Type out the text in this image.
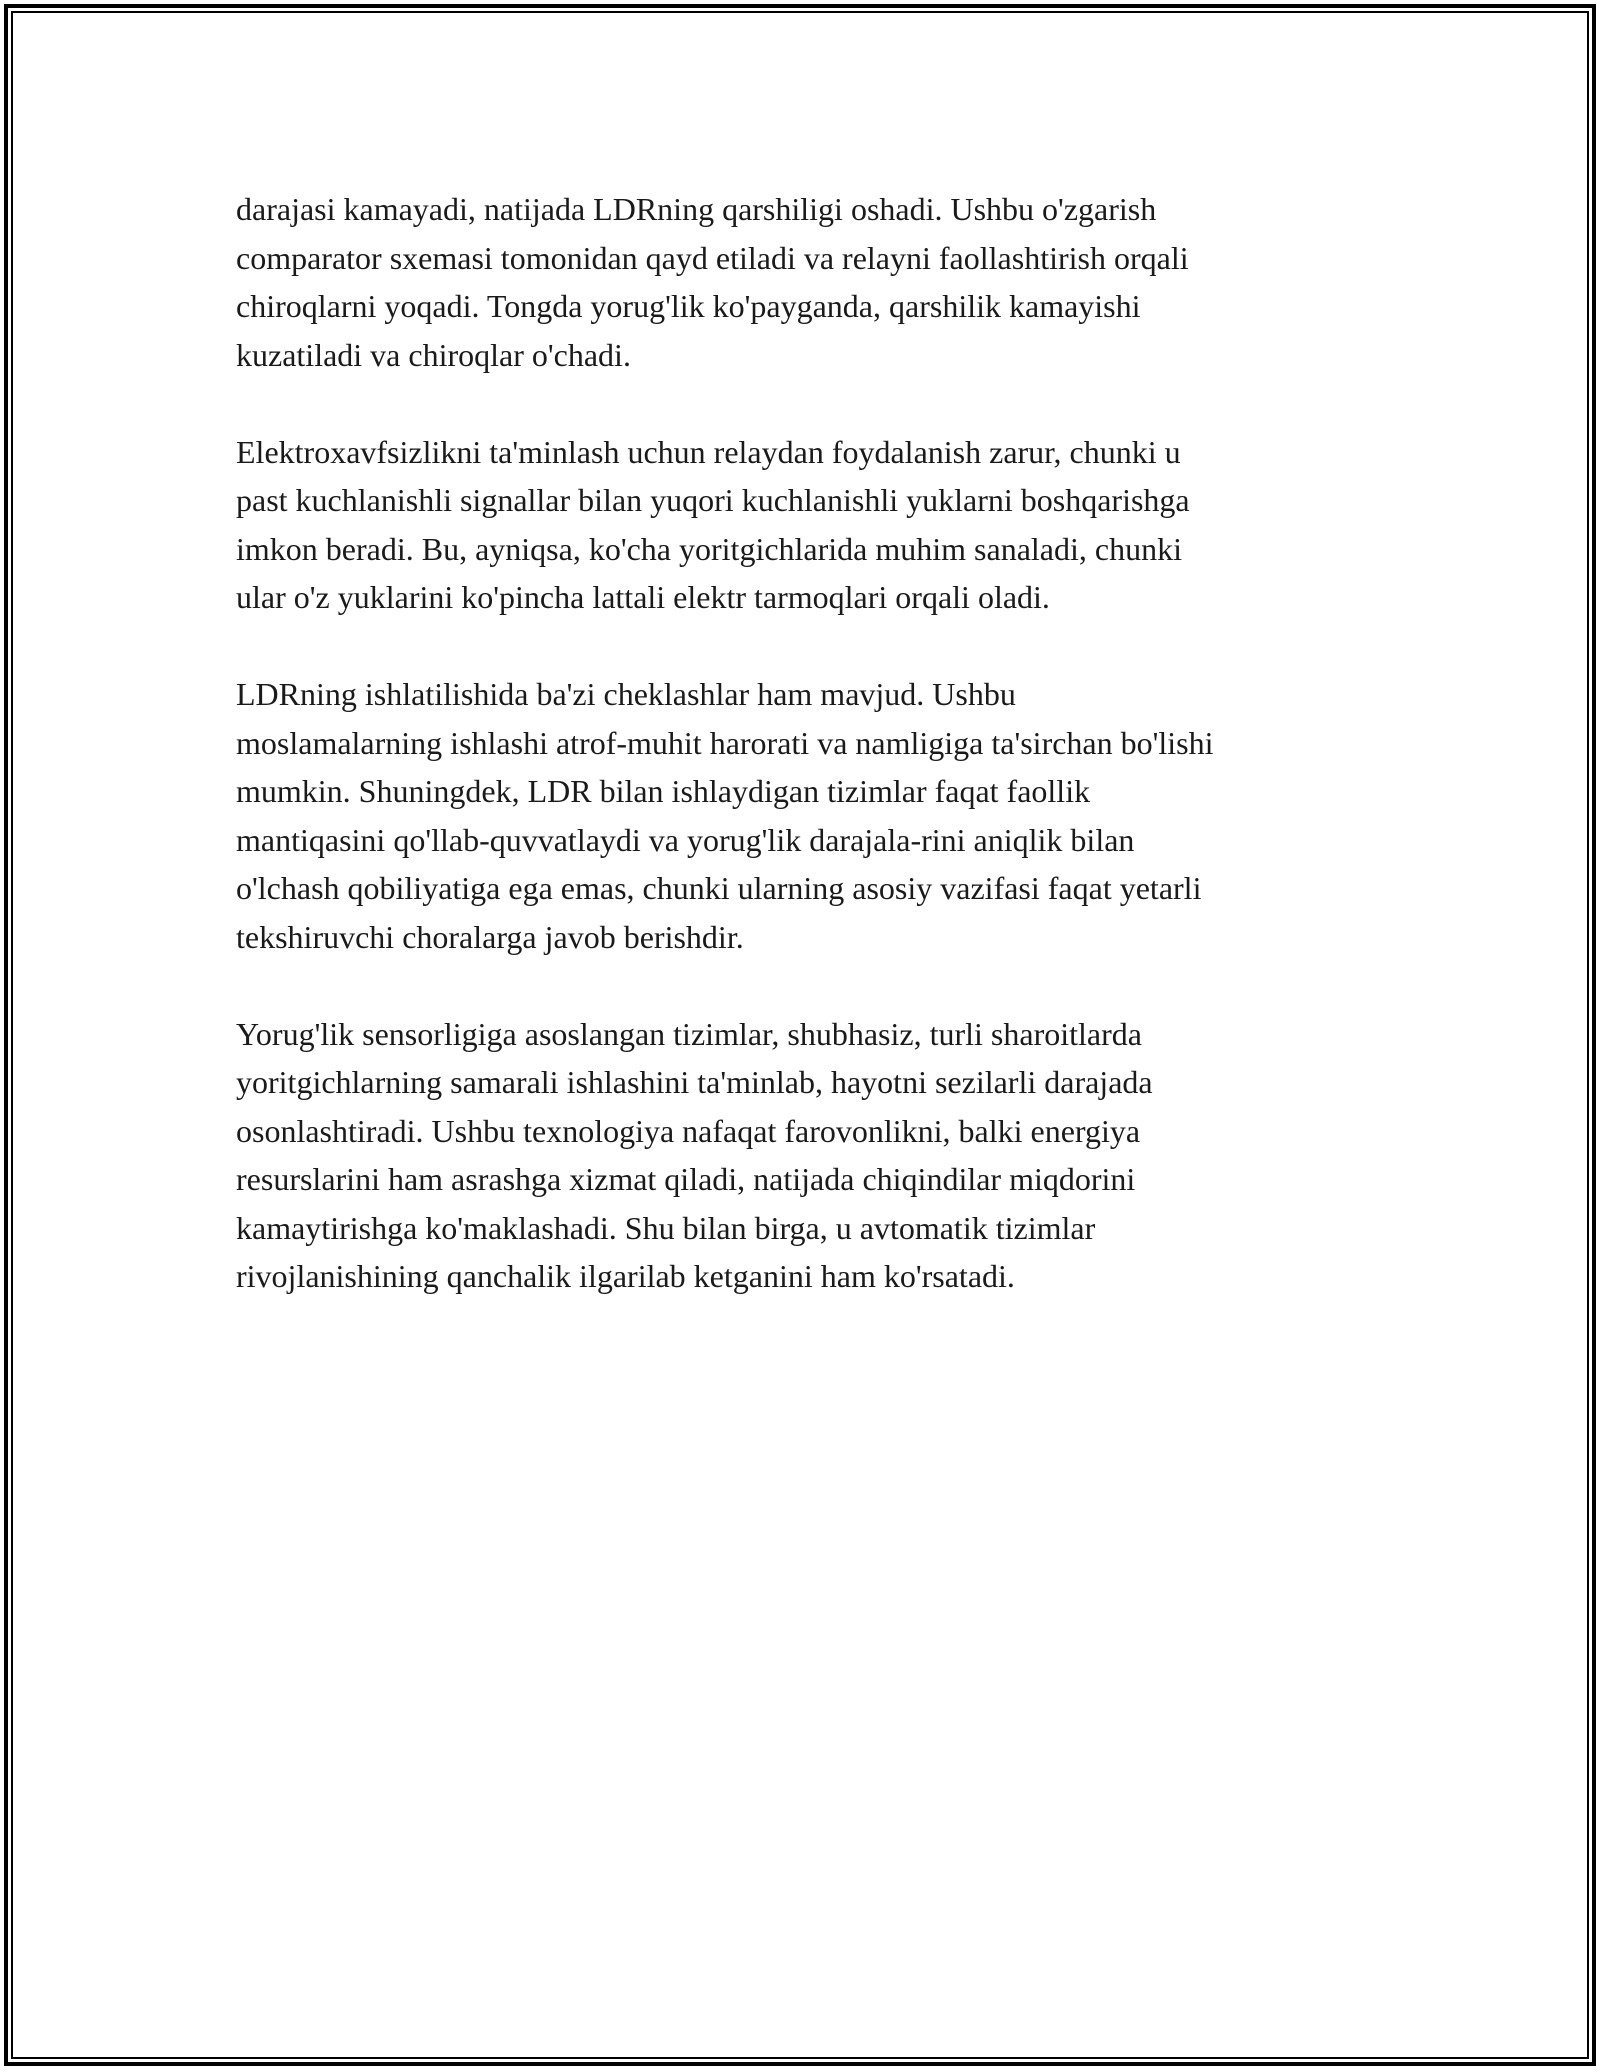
darajasi kamayadi, natijada LDRning qarshiligi oshadi. Ushbu o'zgarish
comparator sxemasi tomonidan qayd etiladi va relayni faollashtirish orqali
chiroqlarni yoqadi. Tongda yorug'lik ko'payganda, qarshilik kamayishi
kuzatiladi va chiroqlar o'chadi.

Elektroxavfsizlikni ta'minlash uchun relaydan foydalanish zarur, chunki u
past kuchlanishli signallar bilan yuqori kuchlanishli yuklarni boshqarishga
imkon beradi. Bu, ayniqsa, ko'cha yoritgichlarida muhim sanaladi, chunki
ular o'z yuklarini ko'pincha lattali elektr tarmoqlari orqali oladi.

LDRning ishlatilishida ba'zi cheklashlar ham mavjud. Ushbu
moslamalarning ishlashi atrof-muhit harorati va namligiga ta'sirchan bo'lishi
mumkin. Shuningdek, LDR bilan ishlaydigan tizimlar faqat faollik
mantiqasini qo'llab-quvvatlaydi va yorug'lik darajala-rini aniqlik bilan
o'lchash qobiliyatiga ega emas, chunki ularning asosiy vazifasi faqat yetarli
tekshiruvchi choralarga javob berishdir.

Yorug'lik sensorligiga asoslangan tizimlar, shubhasiz, turli sharoitlarda
yoritgichlarning samarali ishlashini ta'minlab, hayotni sezilarli darajada
osonlashtiradi. Ushbu texnologiya nafaqat farovonlikni, balki energiya
resurslarini ham asrashga xizmat qiladi, natijada chiqindilar miqdorini
kamaytirishga ko'maklashadi. Shu bilan birga, u avtomatik tizimlar
rivojlanishining qanchalik ilgarilab ketganini ham ko'rsatadi.
